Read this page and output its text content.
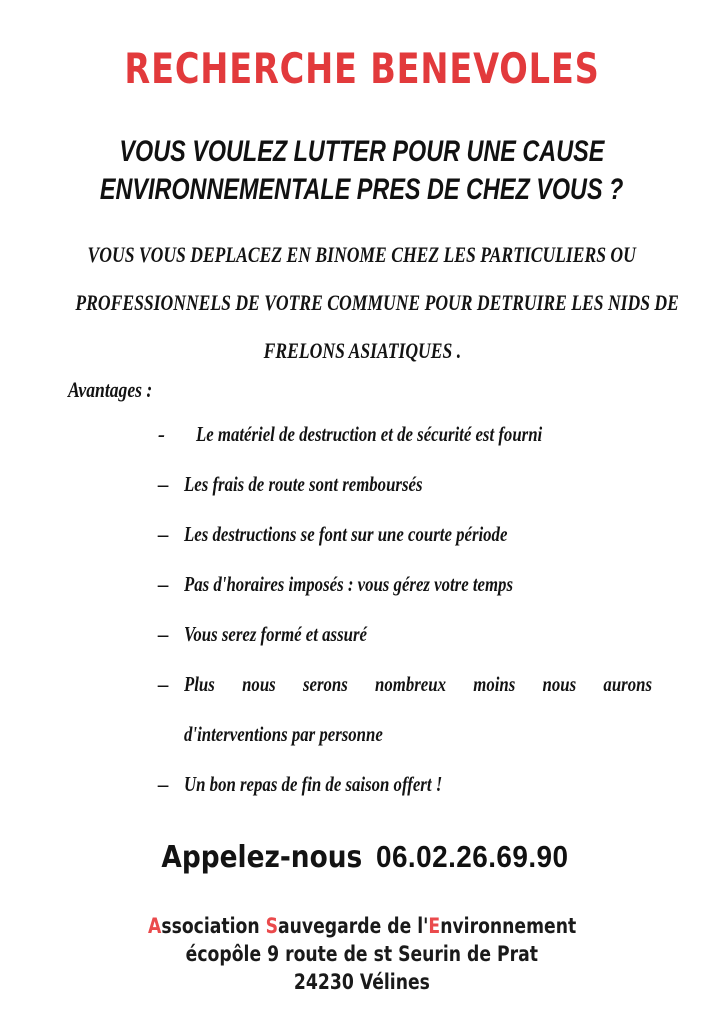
RECHERCHE BENEVOLES
VOUS VOULEZ LUTTER POUR UNE CAUSE
ENVIRONNEMENTALE PRES DE CHEZ VOUS ?
VOUS VOUS DEPLACEZ EN BINOME CHEZ LES PARTICULIERS OU
PROFESSIONNELS DE VOTRE COMMUNE POUR DETRUIRE LES NIDS DE
FRELONS ASIATIQUES .
Avantages :
-	Le matériel de destruction et de sécurité est fourni
– Les frais de route sont remboursés
– Les destructions se font sur une courte période
– Pas d'horaires imposés : vous gérez votre temps
– Vous serez formé et assuré
– Plus nous serons nombreux moins nous aurons
d'interventions par personne
– Un bon repas de fin de saison offert !
Appelez-nous 06.02.26.69.90
Association Sauvegarde de l'Environnement
écopôle 9 route de st Seurin de Prat
24230 Vélines
